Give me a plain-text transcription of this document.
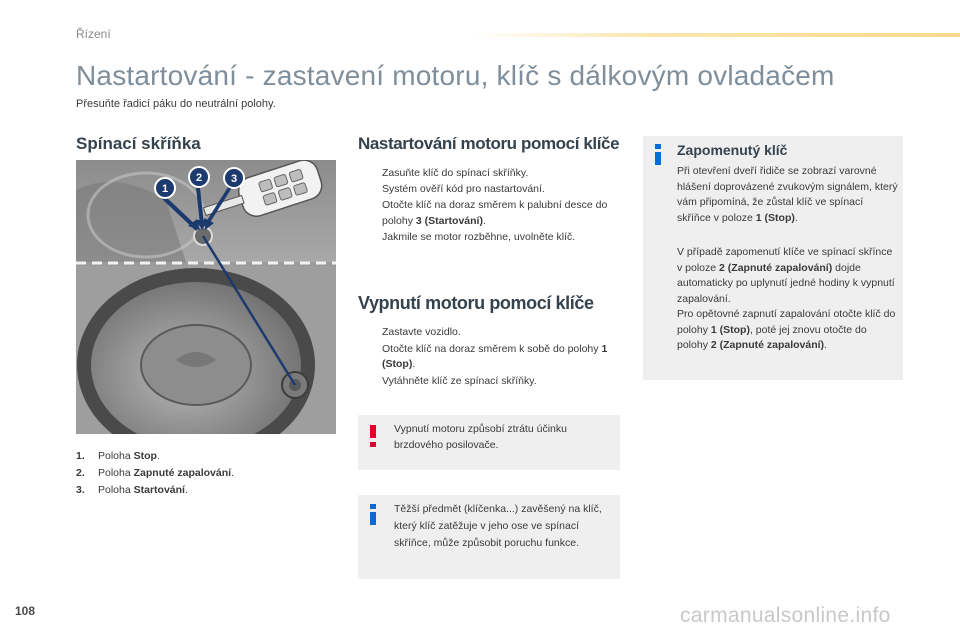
Řízení
Nastartování - zastavení motoru, klíč s dálkovým ovladačem

Přesuňte řadicí páku do neutrální polohy.

Spínací skříňka
1
2	3
1. Poloha Stop.
2. Poloha Zapnuté zapalování.
3. Poloha Startování.
Nastartování motoru pomocí klíče
Zasuňte klíč do spínací skříňky.
Systém ověří kód pro nastartování.
Otočte klíč na doraz směrem k palubní desce do polohy 3 (Startování).
Jakmile se motor rozběhne, uvolněte klíč.
Vypnutí motoru pomocí klíče
Zastavte vozidlo.
Otočte klíč na doraz směrem k sobě do polohy 1 (Stop).
Vytáhněte klíč ze spínací skříňky.

Vypnutí motoru způsobí ztrátu účinku brzdového posilovače.

Těžší předmět (klíčenka...) zavěšený na klíč, který klíč zatěžuje v jeho ose ve spínací skříňce, může způsobit poruchu funkce.

Zapomenutý klíč

Při otevření dveří řidiče se zobrazí varovné hlášení doprovázené zvukovým signálem, který vám připomíná, že zůstal klíč ve spínací skříňce v poloze 1 (Stop).

V případě zapomenutí klíče ve spínací skřínce v poloze 2 (Zapnuté zapalování) dojde automaticky po uplynutí jedné hodiny k vypnutí zapalování.
Pro opětovné zapnutí zapalování otočte klíč do polohy 1 (Stop), poté jej znovu otočte do polohy 2 (Zapnuté zapalování).

108	carmanualsonline.info
